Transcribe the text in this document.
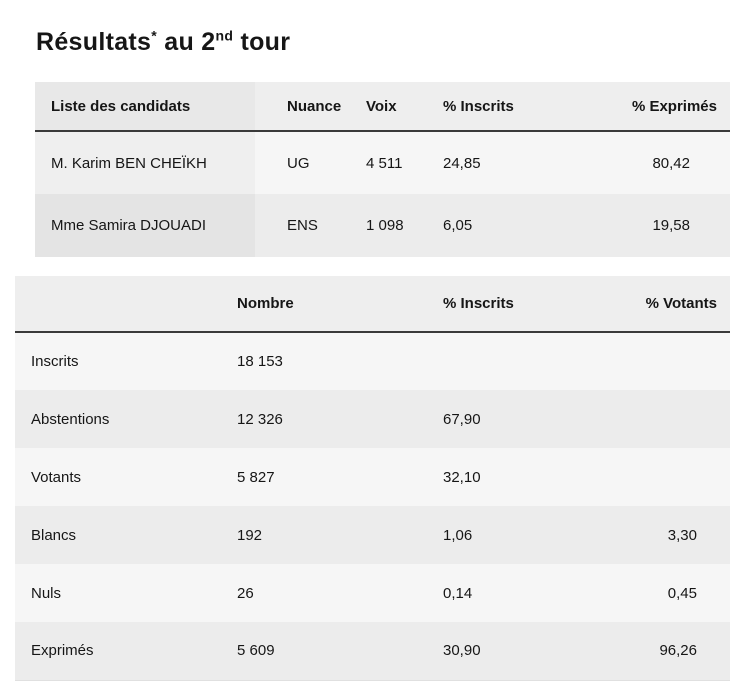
Résultats* au 2nd tour
Liste des candidats	Nuance	Voix	% Inscrits	% Exprimés
M. Karim BEN CHEÏKH	UG	4 511	24,85	80,42
Mme Samira DJOUADI	ENS	1 098	6,05	19,58
	Nombre	% Inscrits	% Votants
Inscrits	18 153		
Abstentions	12 326	67,90	
Votants	5 827	32,10	
Blancs	192	1,06	3,30
Nuls	26	0,14	0,45
Exprimés	5 609	30,90	96,26
